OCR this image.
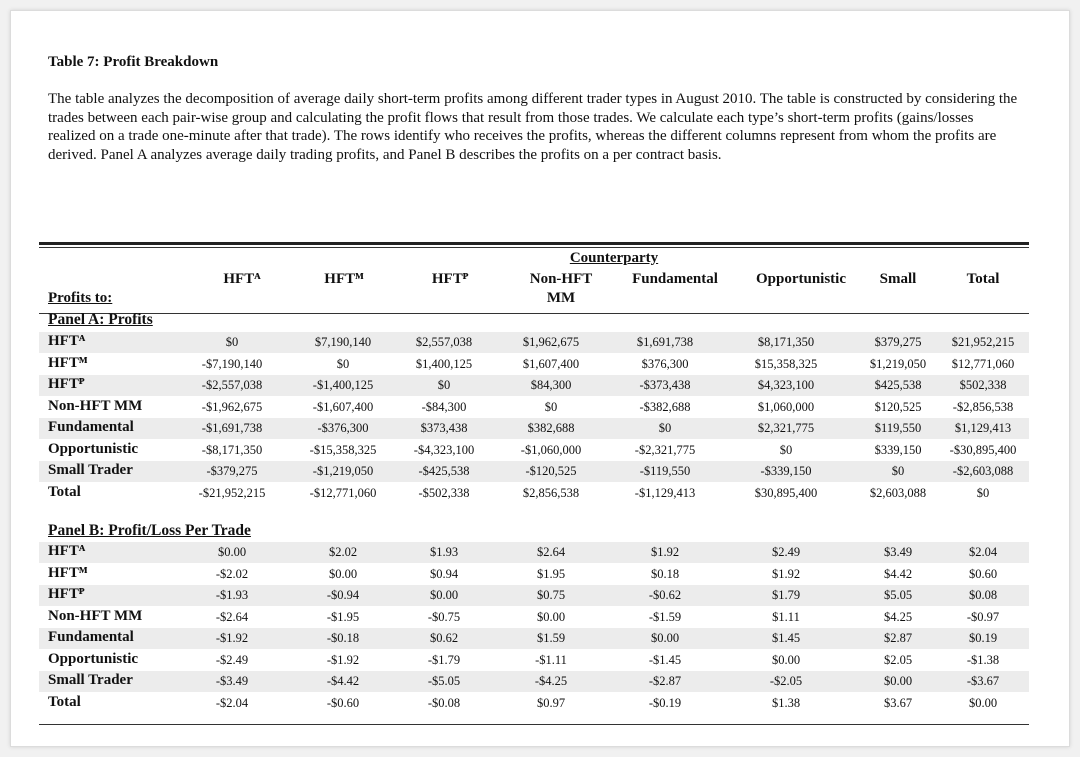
Table 7: Profit Breakdown
The table analyzes the decomposition of average daily short-term profits among different trader types in August 2010. The table is constructed by considering the trades between each pair-wise group and calculating the profit flows that result from those trades. We calculate each type’s short-term profits (gains/losses realized on a trade one-minute after that trade). The rows identify who receives the profits, whereas the different columns represent from whom the profits are derived. Panel A analyzes average daily trading profits, and Panel B describes the profits on a per contract basis.
Counterparty
HFTᴬ	HFTᴹ	HFTᴾ	Non-HFT
MM
Fundamental	Opportunistic Small	Total
Profits to:
Panel A: Profits
HFTᴬ	$0	$7,190,140	$2,557,038	$1,962,675	$1,691,738	$8,171,350	$379,275 $21,952,215
HFTᴹ	-$7,190,140	$0	$1,400,125	$1,607,400	$376,300	$15,358,325	$1,219,050 $12,771,060
HFTᴾ	-$2,557,038	-$1,400,125	$0	$84,300	-$373,438	$4,323,100	$425,538	$502,338
Non-HFT MM	-$1,962,675	-$1,607,400	-$84,300	$0	-$382,688	$1,060,000	$120,525	-$2,856,538
Fundamental	-$1,691,738	-$376,300	$373,438	$382,688	$0	$2,321,775	$119,550	$1,129,413
Opportunistic	-$8,171,350	-$15,358,325	-$4,323,100	-$1,060,000	-$2,321,775	$0	$339,150 -$30,895,400
Small Trader	-$379,275	-$1,219,050	-$425,538	-$120,525	-$119,550	-$339,150	$0	-$2,603,088
Total	-$21,952,215	-$12,771,060	-$502,338	$2,856,538	-$1,129,413	$30,895,400	$2,603,088	$0
Panel B: Profit/Loss Per Trade
HFTᴬ	$0.00	$2.02	$1.93	$2.64	$1.92	$2.49	$3.49	$2.04
HFTᴹ	-$2.02	$0.00	$0.94	$1.95	$0.18	$1.92	$4.42	$0.60
HFTᴾ	-$1.93	-$0.94	$0.00	$0.75	-$0.62	$1.79	$5.05	$0.08
Non-HFT MM	-$2.64	-$1.95	-$0.75	$0.00	-$1.59	$1.11	$4.25	-$0.97
Fundamental	-$1.92	-$0.18	$0.62	$1.59	$0.00	$1.45	$2.87	$0.19
Opportunistic	-$2.49	-$1.92	-$1.79	-$1.11	-$1.45	$0.00	$2.05	-$1.38
Small Trader	-$3.49	-$4.42	-$5.05	-$4.25	-$2.87	-$2.05	$0.00	-$3.67
Total	-$2.04	-$0.60	-$0.08	$0.97	-$0.19	$1.38	$3.67	$0.00
